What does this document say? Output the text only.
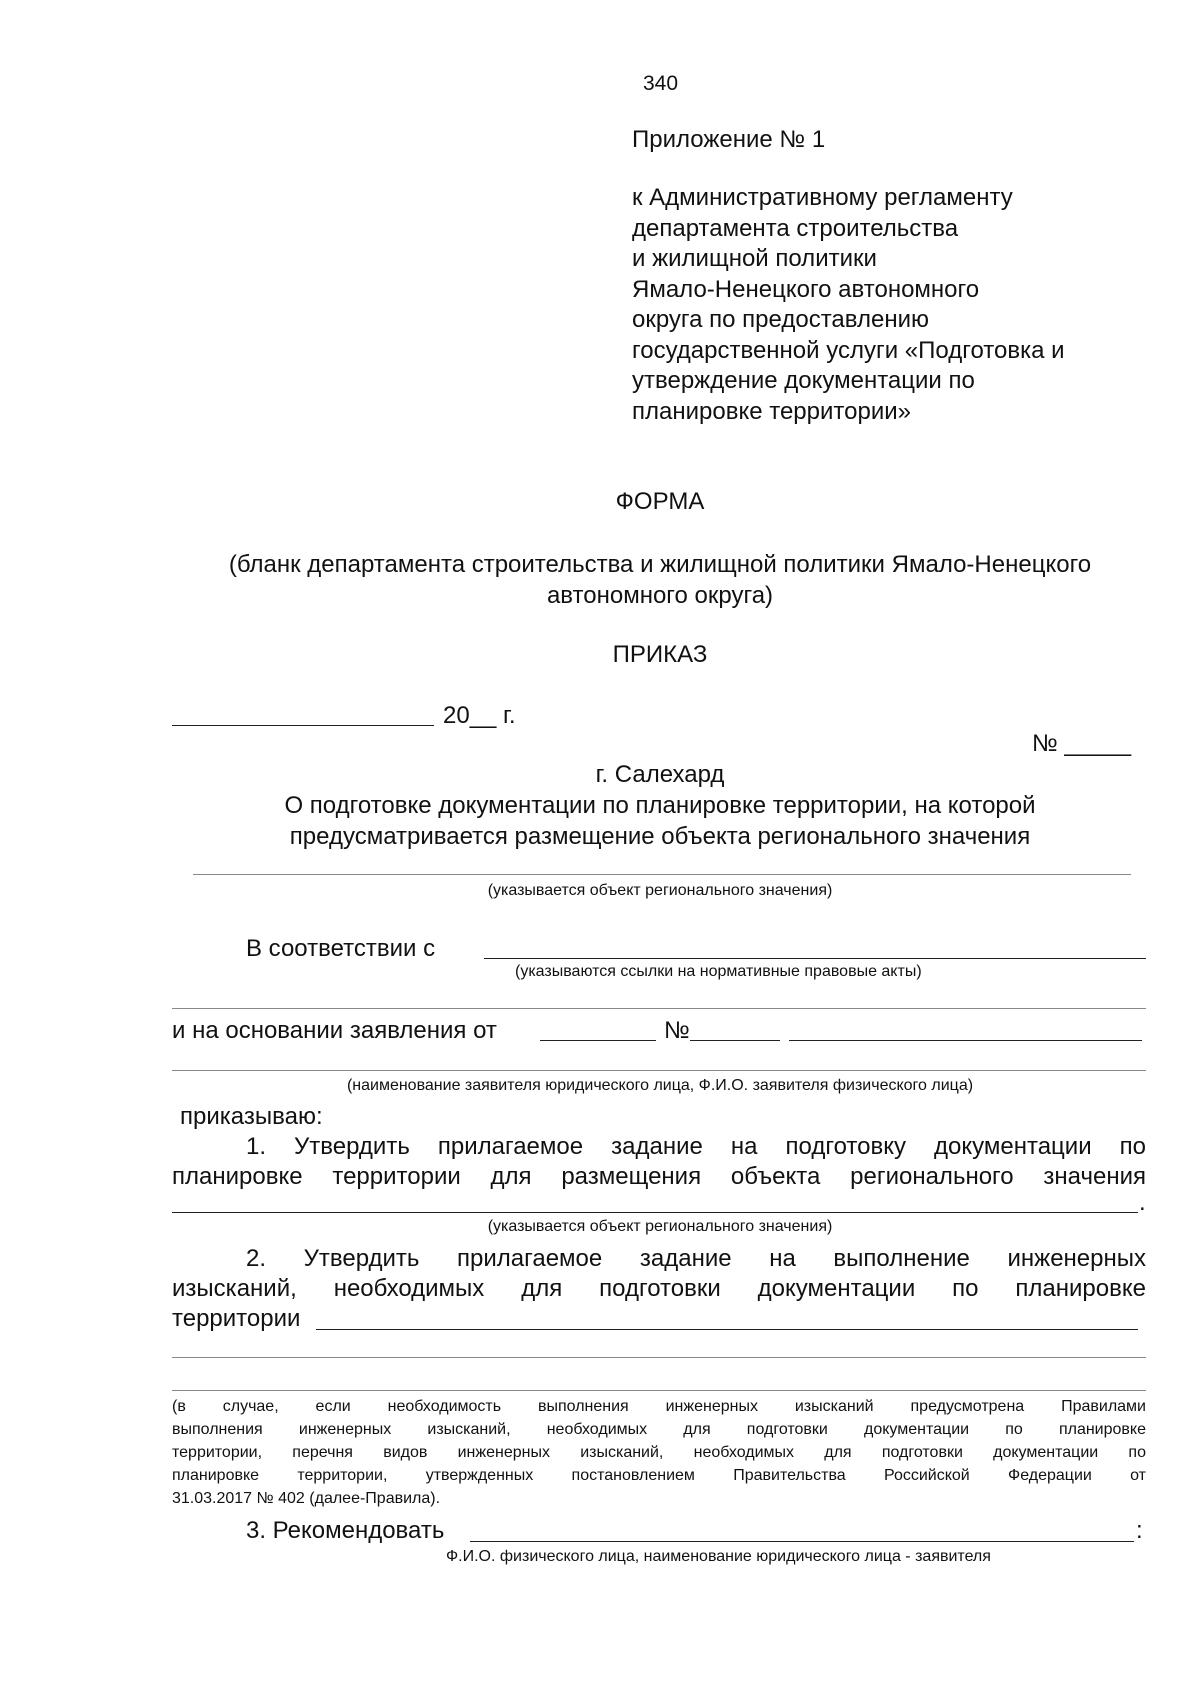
340
Приложение № 1
к Административному регламенту
департамента строительства
и жилищной политики
Ямало-Ненецкого автономного
округа по предоставлению
государственной услуги «Подготовка и
утверждение документации по
планировке территории»
ФОРМА
(бланк департамента строительства и жилищной политики Ямало-Ненецкого
автономного округа)
ПРИКАЗ
20__ г.
№ _____
г. Салехард
О подготовке документации по планировке территории, на которой
предусматривается размещение объекта регионального значения
(указывается объект регионального значения)
В соответствии с
(указываются ссылки на нормативные правовые акты)
и на основании заявления от	№
(наименование заявителя юридического лица, Ф.И.О. заявителя физического лица)
приказываю:
1. Утвердить прилагаемое задание на подготовку документации по
планировке территории для размещения объекта регионального значения
.
(указывается объект регионального значения)
2. Утвердить прилагаемое задание на выполнение инженерных
изысканий, необходимых для подготовки документации по планировке
территории
(в случае, если необходимость выполнения инженерных изысканий предусмотрена Правилами
выполнения инженерных изысканий, необходимых для подготовки документации по планировке
территории, перечня видов инженерных изысканий, необходимых для подготовки документации по
планировке территории, утвержденных постановлением Правительства Российской Федерации от
31.03.2017 № 402 (далее-Правила).
3. Рекомендовать	:
Ф.И.О. физического лица, наименование юридического лица - заявителя
